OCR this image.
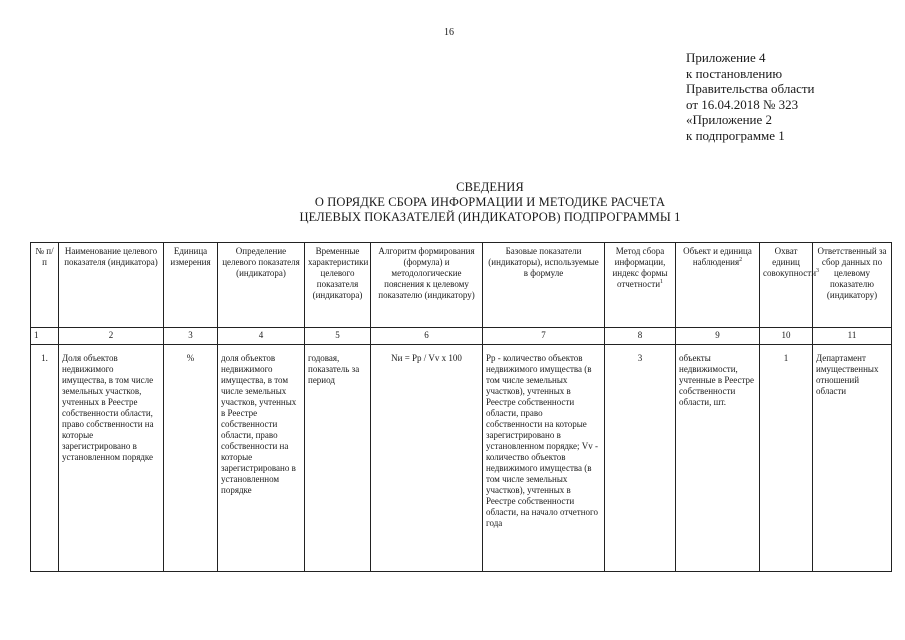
16
Приложение 4
к постановлению
Правительства области
от 16.04.2018 № 323
«Приложение 2
к подпрограмме 1
СВЕДЕНИЯ
О ПОРЯДКЕ СБОРА ИНФОРМАЦИИ И МЕТОДИКЕ РАСЧЕТА
ЦЕЛЕВЫХ ПОКАЗАТЕЛЕЙ (ИНДИКАТОРОВ) ПОДПРОГРАММЫ 1
№ п/п	Наименование целевого показателя (индикатора)	Единица измерения	Определение целевого показателя (индикатора)	Временные характеристики целевого показателя (индикатора)	Алгоритм формирования (формула) и методологические пояснения к целевому показателю (индикатору)	Базовые показатели (индикаторы), используемые в формуле	Метод сбора информации, индекс формы отчетности$^1$	Объект и единица наблюдения$^2$	Охват единиц совокупности$^3$	Ответственный за сбор данных по целевому показателю (индикатору)
1	2	3	4	5	6	7	8	9	10	11
1.	Доля объектов недвижимого имущества, в том числе земельных участков, учтенных в Реестре собственности области, право собственности на которые зарегистрировано в установленном порядке	%	доля объектов недвижимого имущества, в том числе земельных участков, учтенных в Реестре собственности области, право собственности на которые зарегистрировано в установленном порядке	годовая, показатель за период	Nи = Pp / Vv x 100	Pp - количество объектов недвижимого имущества (в том числе земельных участков), учтенных в Реестре собственности области, право собственности на которые зарегистрировано в установленном порядке; Vv - количество объектов недвижимого имущества (в том числе земельных участков), учтенных в Реестре собственности области, на начало отчетного года	3	объекты недвижимости, учтенные в Реестре собственности области, шт.	1	Департамент имущественных отношений области
